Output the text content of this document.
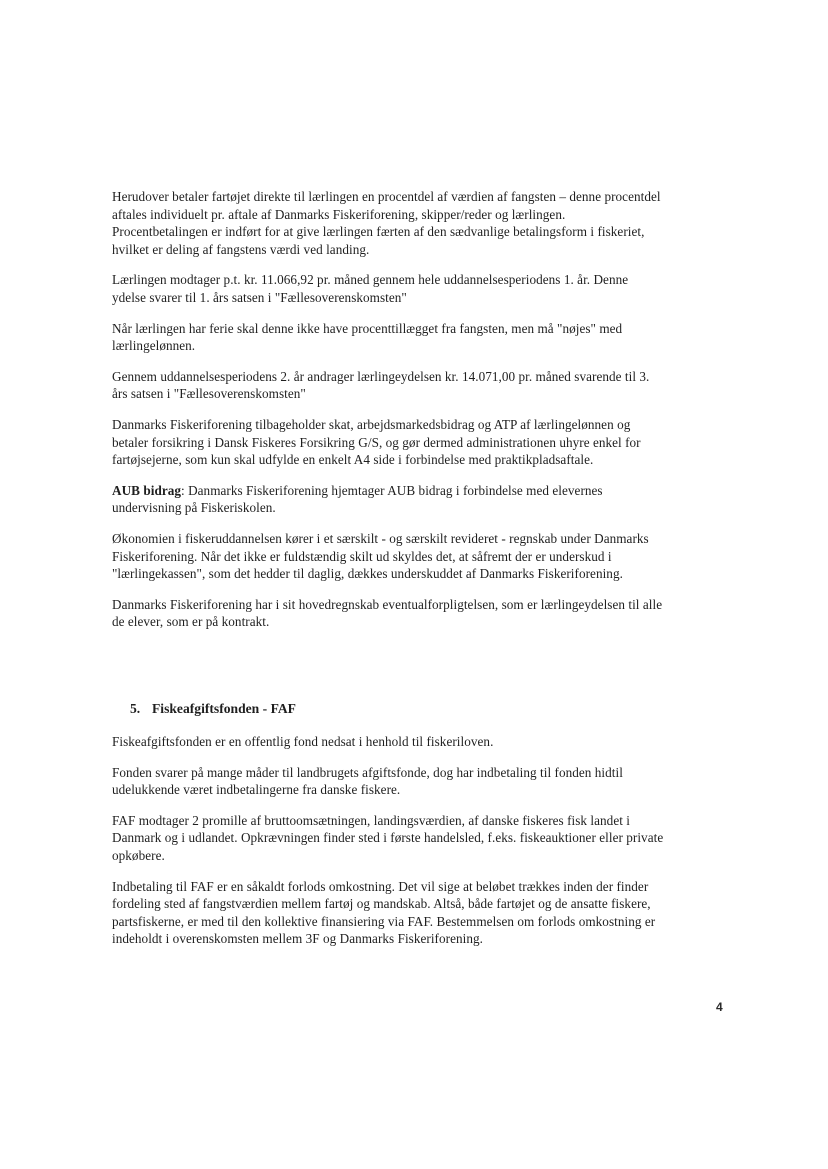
Herudover betaler fartøjet direkte til lærlingen en procentdel af værdien af fangsten – denne procentdel
aftales individuelt pr. aftale af Danmarks Fiskeriforening, skipper/reder og lærlingen.
Procentbetalingen er indført for at give lærlingen færten af den sædvanlige betalingsform i fiskeriet,
hvilket er deling af fangstens værdi ved landing.

Lærlingen modtager p.t. kr. 11.066,92 pr. måned gennem hele uddannelsesperiodens 1. år. Denne
ydelse svarer til 1. års satsen i "Fællesoverenskomsten"

Når lærlingen har ferie skal denne ikke have procenttillægget fra fangsten, men må "nøjes" med
lærlingelønnen.

Gennem uddannelsesperiodens 2. år andrager lærlingeydelsen kr. 14.071,00 pr. måned svarende til 3.
års satsen i "Fællesoverenskomsten"

Danmarks Fiskeriforening tilbageholder skat, arbejdsmarkedsbidrag og ATP af lærlingelønnen og
betaler forsikring i Dansk Fiskeres Forsikring G/S, og gør dermed administrationen uhyre enkel for
fartøjsejerne, som kun skal udfylde en enkelt A4 side i forbindelse med praktikpladsaftale.

AUB bidrag: Danmarks Fiskeriforening hjemtager AUB bidrag i forbindelse med elevernes
undervisning på Fiskeriskolen.

Økonomien i fiskeruddannelsen kører i et særskilt - og særskilt revideret - regnskab under Danmarks
Fiskeriforening. Når det ikke er fuldstændig skilt ud skyldes det, at såfremt der er underskud i
"lærlingekassen", som det hedder til daglig, dækkes underskuddet af Danmarks Fiskeriforening.

Danmarks Fiskeriforening har i sit hovedregnskab eventualforpligtelsen, som er lærlingeydelsen til alle
de elever, som er på kontrakt.

5. Fiskeafgiftsfonden - FAF

Fiskeafgiftsfonden er en offentlig fond nedsat i henhold til fiskeriloven.

Fonden svarer på mange måder til landbrugets afgiftsfonde, dog har indbetaling til fonden hidtil
udelukkende været indbetalingerne fra danske fiskere.

FAF modtager 2 promille af bruttoomsætningen, landingsværdien, af danske fiskeres fisk landet i
Danmark og i udlandet. Opkrævningen finder sted i første handelsled, f.eks. fiskeauktioner eller private
opkøbere.

Indbetaling til FAF er en såkaldt forlods omkostning. Det vil sige at beløbet trækkes inden der finder
fordeling sted af fangstværdien mellem fartøj og mandskab. Altså, både fartøjet og de ansatte fiskere,
partsfiskerne, er med til den kollektive finansiering via FAF. Bestemmelsen om forlods omkostning er
indeholdt i overenskomsten mellem 3F og Danmarks Fiskeriforening.

4
